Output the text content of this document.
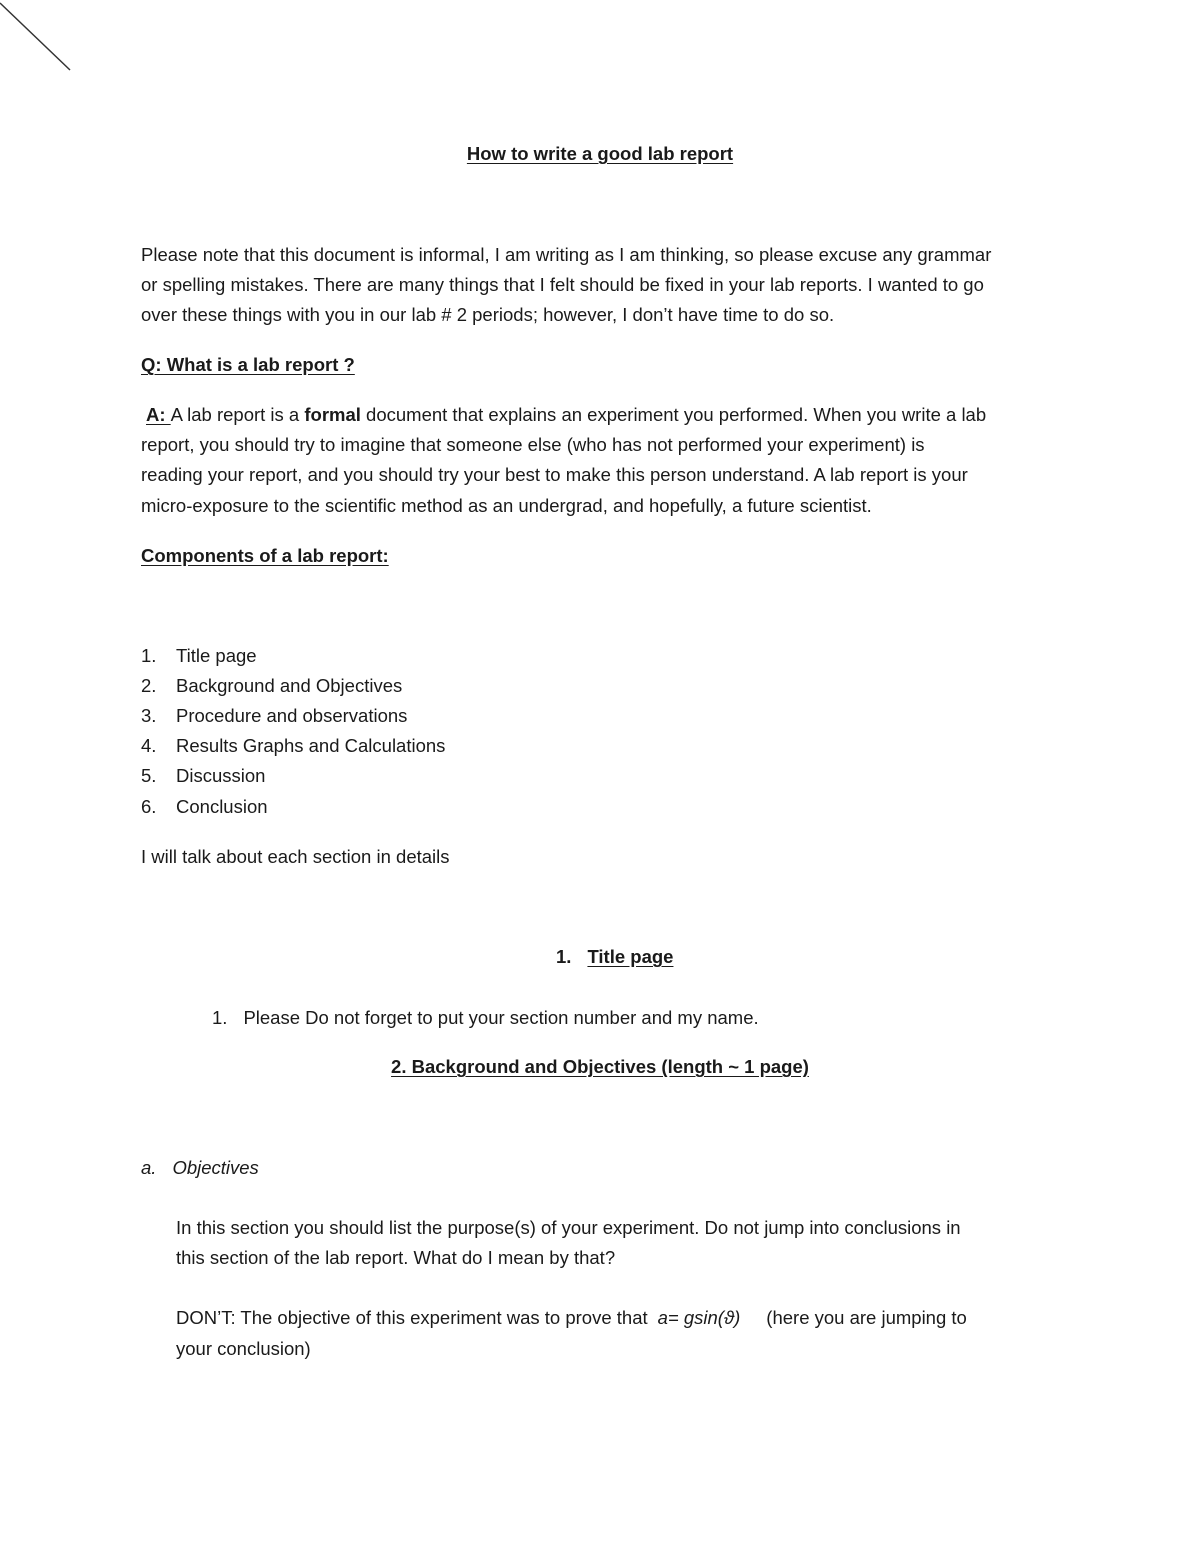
How to write a good lab report

Please note that this document is informal, I am writing as I am thinking, so please excuse any grammar

or spelling mistakes. There are many things that I felt should be fixed in your lab reports. I wanted to go

over these things with you in our lab # 2 periods; however, I don’t have time to do so.

Q: What is a lab report ?

A: A lab report is a formal document that explains an experiment you performed. When you write a lab

report, you should try to imagine that someone else (who has not performed your experiment) is

reading your report, and you should try your best to make this person understand. A lab report is your

micro-exposure to the scientific method as an undergrad, and hopefully, a future scientist.

Components of a lab report:

1.	Title page
2.	Background and Objectives
3.	Procedure and observations
4.	Results Graphs and Calculations
5.	Discussion
6.	Conclusion

I will talk about each section in details

1. Title page
1. Please Do not forget to put your section number and my name.

2. Background and Objectives (length ~ 1 page)

a. Objectives

In this section you should list the purpose(s) of your experiment. Do not jump into conclusions in

this section of the lab report. What do I mean by that?

DON’T: The objective of this experiment was to prove that a= gsin(ϑ) (here you are jumping to

your conclusion)
